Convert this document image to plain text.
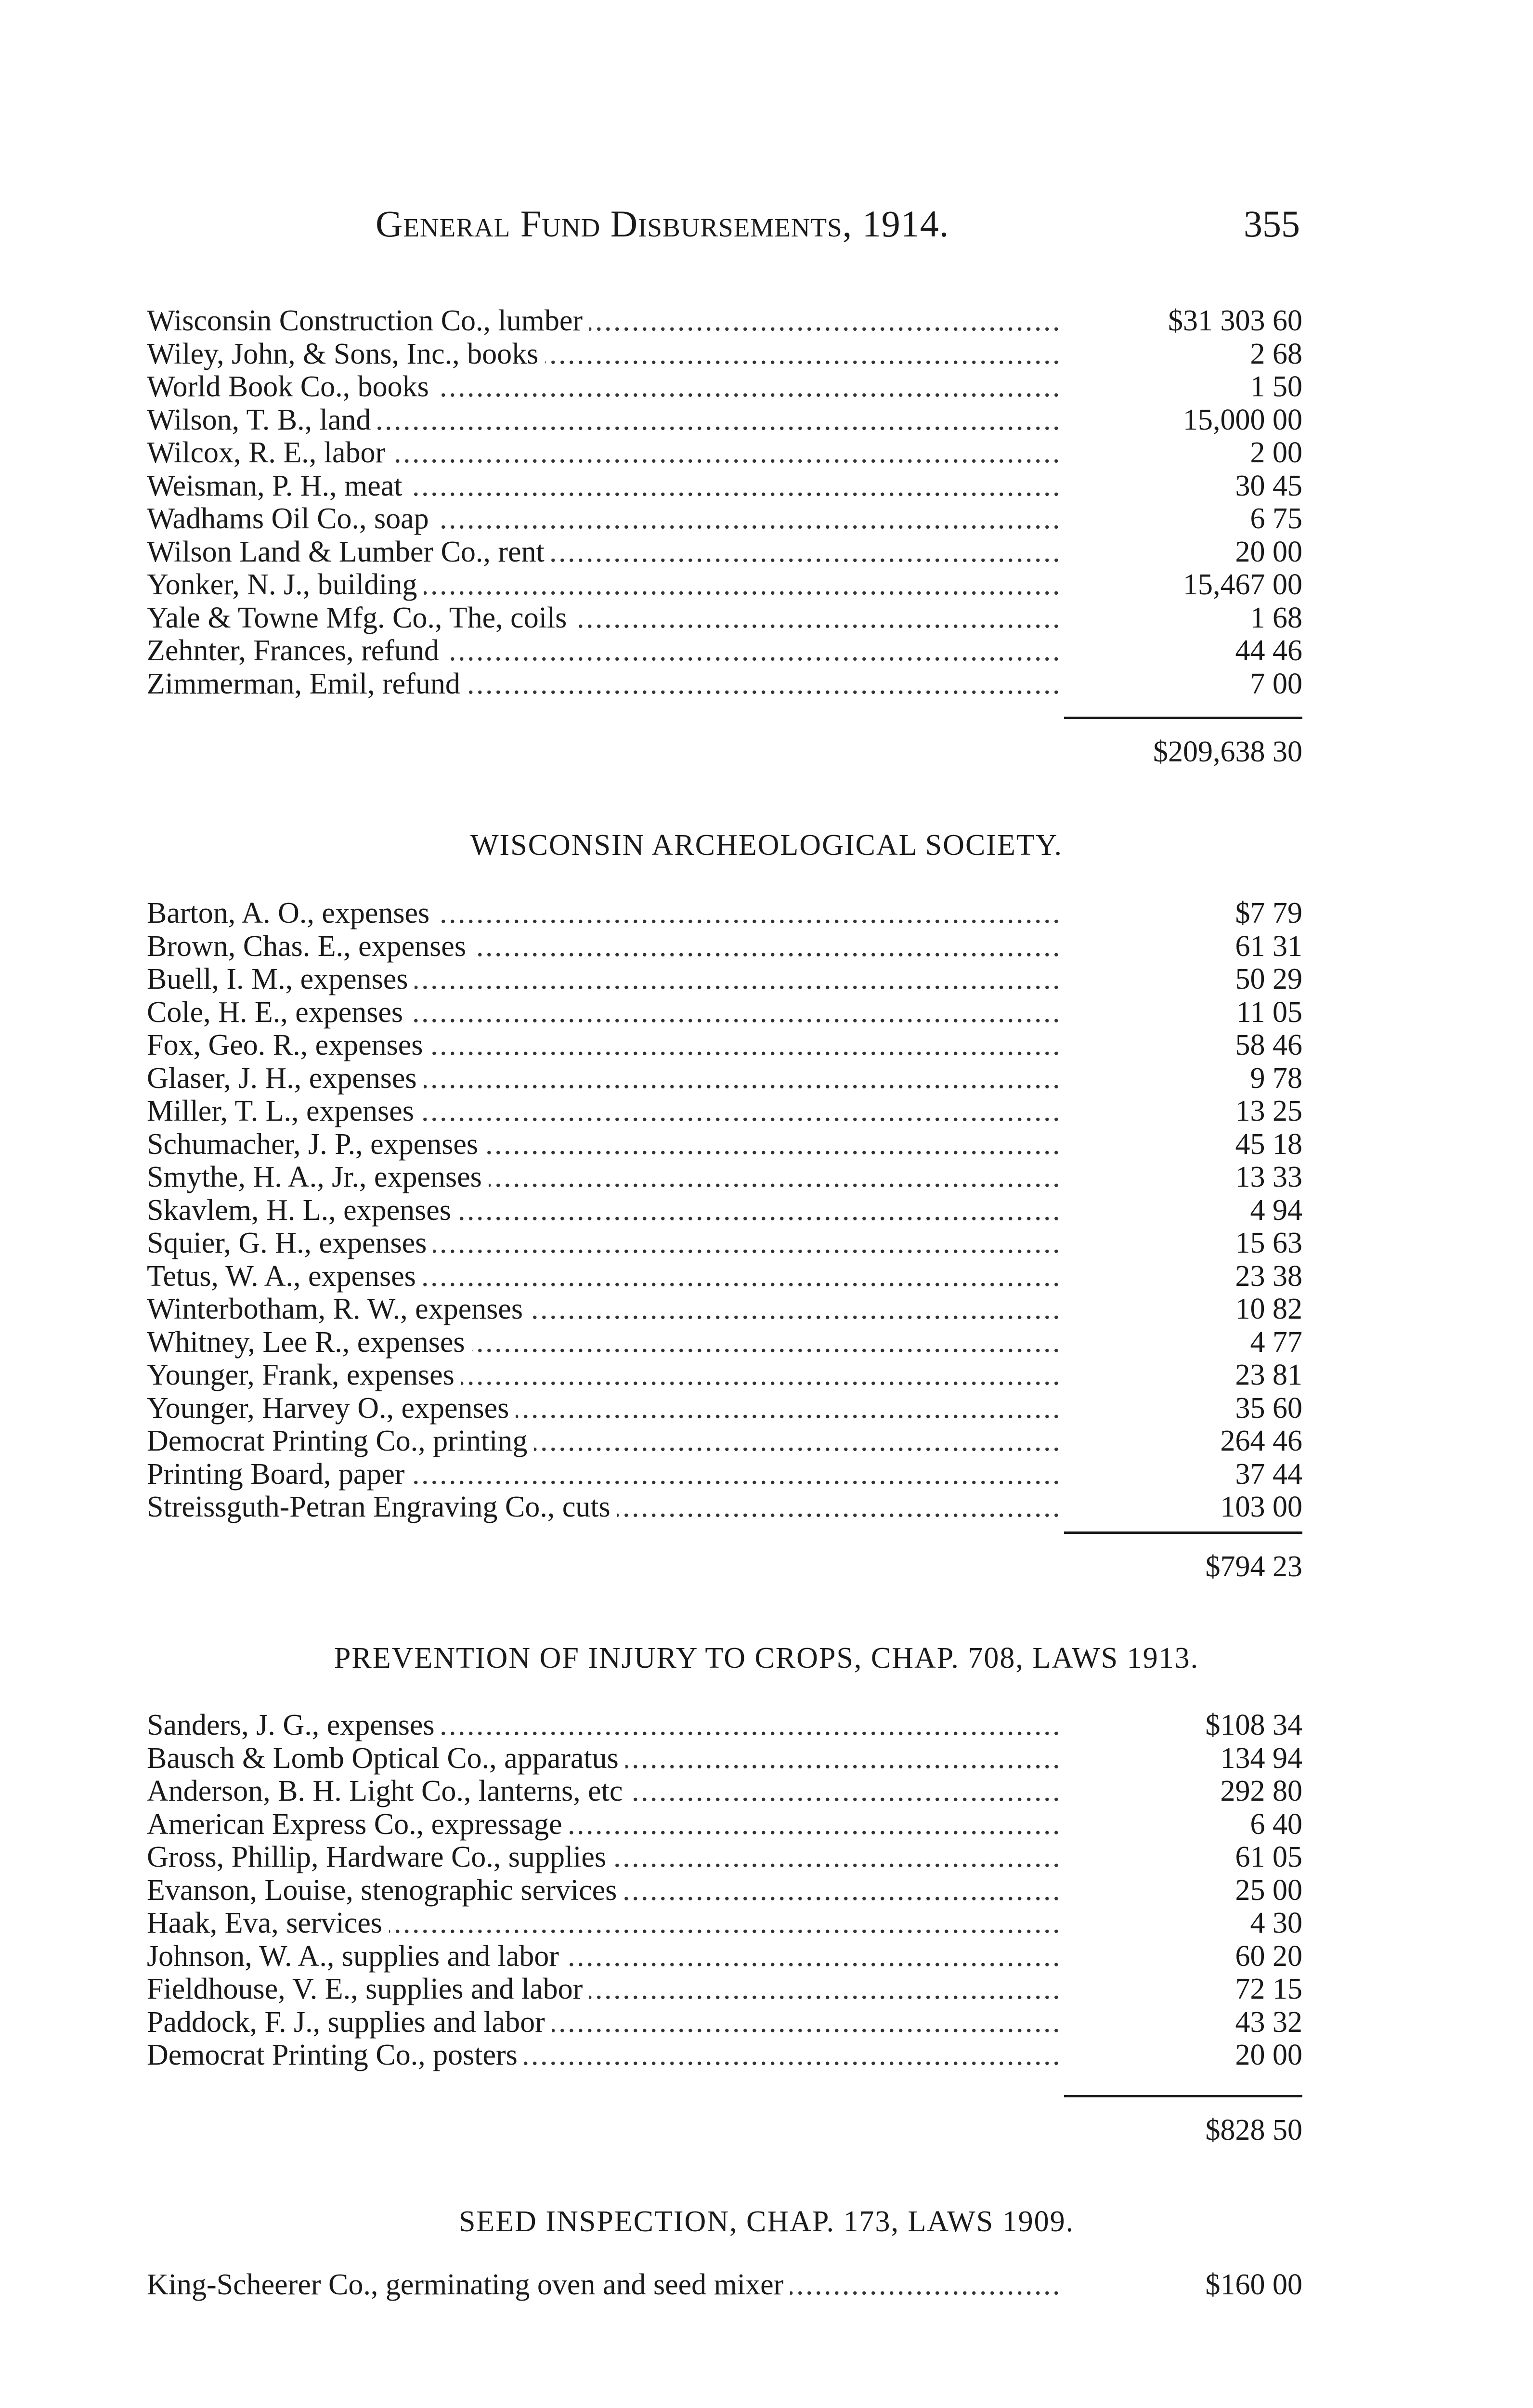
General Fund Disbursements, 1914.	355
Wisconsin Construction Co., lumber . . .	$31 303 60
Wiley, John, & Sons, Inc., books . . .	2 68
World Book Co., books . . .	1 50
Wilson, T. B., land . . .	15,000 00
Wilcox, R. E., labor . . .	2 00
Weisman, P. H., meat . . .	30 45
Wadhams Oil Co., soap . . .	6 75
Wilson Land & Lumber Co., rent . . .	20 00
Yonker, N. J., building . . .	15,467 00
Yale & Towne Mfg. Co., The, coils . . .	1 68
Zehnter, Frances, refund . . .	44 46
Zimmerman, Emil, refund . . .	7 00
$209,638 30
WISCONSIN ARCHEOLOGICAL SOCIETY.
Barton, A. O., expenses . . .	$7 79
Brown, Chas. E., expenses . . .	61 31
Buell, I. M., expenses . . .	50 29
Cole, H. E., expenses . . .	11 05
Fox, Geo. R., expenses . . .	58 46
Glaser, J. H., expenses . . .	9 78
Miller, T. L., expenses . . .	13 25
Schumacher, J. P., expenses . . .	45 18
Smythe, H. A., Jr., expenses . . .	13 33
Skavlem, H. L., expenses . . .	4 94
Squier, G. H., expenses . . .	15 63
Tetus, W. A., expenses . . .	23 38
Winterbotham, R. W., expenses . . .	10 82
Whitney, Lee R., expenses . . .	4 77
Younger, Frank, expenses . . .	23 81
Younger, Harvey O., expenses . . .	35 60
Democrat Printing Co., printing . . .	264 46
Printing Board, paper . . .	37 44
Streissguth-Petran Engraving Co., cuts . . .	103 00
$794 23
PREVENTION OF INJURY TO CROPS, CHAP. 708, LAWS 1913.
Sanders, J. G., expenses . . .	$108 34
Bausch & Lomb Optical Co., apparatus . . .	134 94
Anderson, B. H. Light Co., lanterns, etc . . .	292 80
American Express Co., expressage . . .	6 40
Gross, Phillip, Hardware Co., supplies . . .	61 05
Evanson, Louise, stenographic services . . .	25 00
Haak, Eva, services . . .	4 30
Johnson, W. A., supplies and labor . . .	60 20
Fieldhouse, V. E., supplies and labor . . .	72 15
Paddock, F. J., supplies and labor . . .	43 32
Democrat Printing Co., posters . . .	20 00
$828 50
SEED INSPECTION, CHAP. 173, LAWS 1909.
King-Scheerer Co., germinating oven and seed mixer . . .	$160 00
